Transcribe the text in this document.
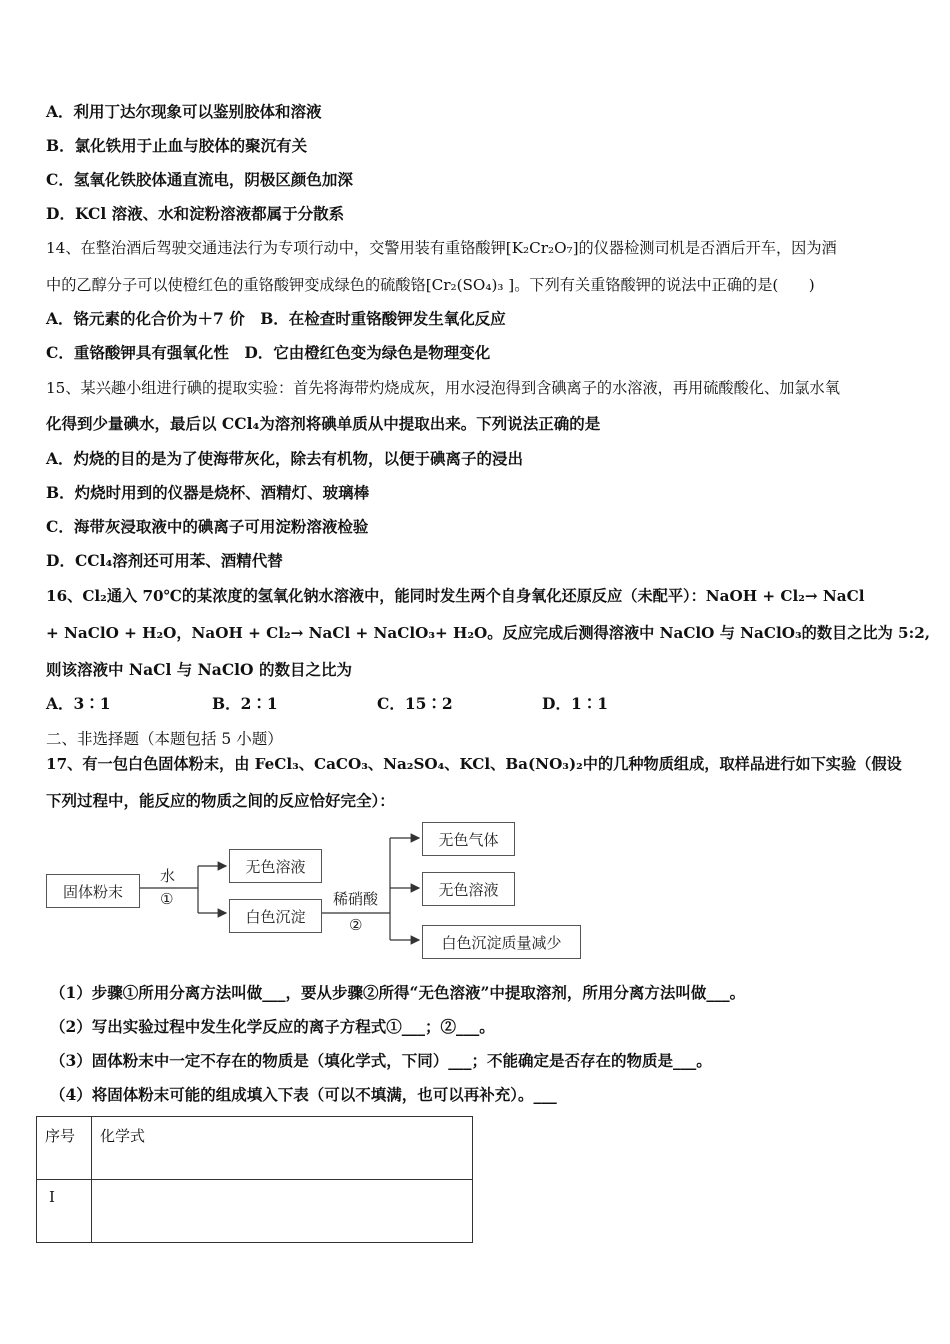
A．利用丁达尔现象可以鉴别胶体和溶液
B．氯化铁用于止血与胶体的聚沉有关
C．氢氧化铁胶体通直流电，阴极区颜色加深
D．KCl 溶液、水和淀粉溶液都属于分散系
14、在整治酒后驾驶交通违法行为专项行动中，交警用装有重铬酸钾[K₂Cr₂O₇]的仪器检测司机是否酒后开车，因为酒
中的乙醇分子可以使橙红色的重铬酸钾变成绿色的硫酸铬[Cr₂(SO₄)₃ ]。下列有关重铬酸钾的说法中正确的是(　　)
A．铬元素的化合价为＋7 价　B．在检查时重铬酸钾发生氧化反应
C．重铬酸钾具有强氧化性　D．它由橙红色变为绿色是物理变化
15、某兴趣小组进行碘的提取实验：首先将海带灼烧成灰，用水浸泡得到含碘离子的水溶液，再用硫酸酸化、加氯水氧
化得到少量碘水，最后以 CCl₄为溶剂将碘单质从中提取出来。下列说法正确的是
A．灼烧的目的是为了使海带灰化，除去有机物，以便于碘离子的浸出
B．灼烧时用到的仪器是烧杯、酒精灯、玻璃棒
C．海带灰浸取液中的碘离子可用淀粉溶液检验
D．CCl₄溶剂还可用苯、酒精代替
16、Cl₂通入 70℃的某浓度的氢氧化钠水溶液中，能同时发生两个自身氧化还原反应（未配平）：NaOH + Cl₂→ NaCl
+ NaClO + H₂O，NaOH + Cl₂→ NaCl + NaClO₃+ H₂O。反应完成后测得溶液中 NaClO 与 NaClO₃的数目之比为 5:2,
则该溶液中 NaCl 与 NaClO 的数目之比为
A．3∶1	B．2∶1	C．15∶2	D．1∶1
二、非选择题（本题包括 5 小题）
17、有一包白色固体粉末，由 FeCl₃、CaCO₃、Na₂SO₄、KCl、Ba(NO₃)₂中的几种物质组成，取样品进行如下实验（假设
下列过程中，能反应的物质之间的反应恰好完全）：
固体粉末
水
①
无色溶液
白色沉淀
稀硝酸
②
无色气体
无色溶液
白色沉淀质量减少
（1）步骤①所用分离方法叫做___，要从步骤②所得“无色溶液”中提取溶剂，所用分离方法叫做___。
（2）写出实验过程中发生化学反应的离子方程式①___；②___。
（3）固体粉末中一定不存在的物质是（填化学式，下同）___；不能确定是否存在的物质是___。
（4）将固体粉末可能的组成填入下表（可以不填满，也可以再补充）。___
序号	化学式
Ⅰ	
